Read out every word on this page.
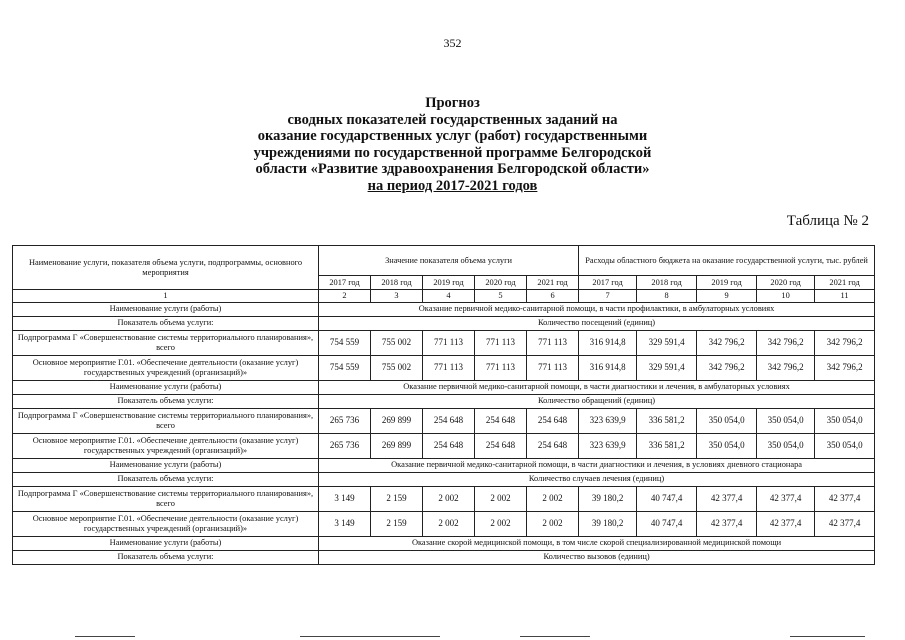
352
Прогноз
сводных показателей государственных заданий на
оказание государственных услуг (работ) государственными
учреждениями по государственной программе Белгородской
области «Развитие здравоохранения Белгородской области»
на период 2017-2021 годов
Таблица № 2
Наименование услуги, показателя объема услуги, подпрограммы, основного мероприятия	Значение показателя объема услуги					Расходы областного бюджета на оказание государственной услуги, тыс. рублей				
	2017 год	2018 год	2019 год	2020 год	2021 год	2017 год	2018 год	2019 год	2020 год	2021 год
1	2	3	4	5	6	7	8	9	10	11
Наименование услуги (работы)	Оказание первичной медико-санитарной помощи, в части профилактики, в амбулаторных условиях									
Показатель объема услуги:	Количество посещений (единиц)									
Подпрограмма Г «Совершенствование системы территориального планирования», всего	754 559	755 002	771 113	771 113	771 113	316 914,8	329 591,4	342 796,2	342 796,2	342 796,2
Основное мероприятие Г.01. «Обеспечение деятельности (оказание услуг) государственных учреждений (организаций)»	754 559	755 002	771 113	771 113	771 113	316 914,8	329 591,4	342 796,2	342 796,2	342 796,2
Наименование услуги (работы)	Оказание первичной медико-санитарной помощи, в части диагностики и лечения, в амбулаторных условиях									
Показатель объема услуги:	Количество обращений (единиц)									
Подпрограмма Г «Совершенствование системы территориального планирования», всего	265 736	269 899	254 648	254 648	254 648	323 639,9	336 581,2	350 054,0	350 054,0	350 054,0
Основное мероприятие Г.01. «Обеспечение деятельности (оказание услуг) государственных учреждений (организаций)»	265 736	269 899	254 648	254 648	254 648	323 639,9	336 581,2	350 054,0	350 054,0	350 054,0
Наименование услуги (работы)	Оказание первичной медико-санитарной помощи, в части диагностики и лечения, в условиях дневного стационара									
Показатель объема услуги:	Количество случаев лечения (единиц)									
Подпрограмма Г «Совершенствование системы территориального планирования», всего	3 149	2 159	2 002	2 002	2 002	39 180,2	40 747,4	42 377,4	42 377,4	42 377,4
Основное мероприятие Г.01. «Обеспечение деятельности (оказание услуг) государственных учреждений (организаций)»	3 149	2 159	2 002	2 002	2 002	39 180,2	40 747,4	42 377,4	42 377,4	42 377,4
Наименование услуги (работы)	Оказание скорой медицинской помощи, в том числе скорой специализированной медицинской помощи									
Показатель объема услуги:	Количество вызовов (единиц)									
